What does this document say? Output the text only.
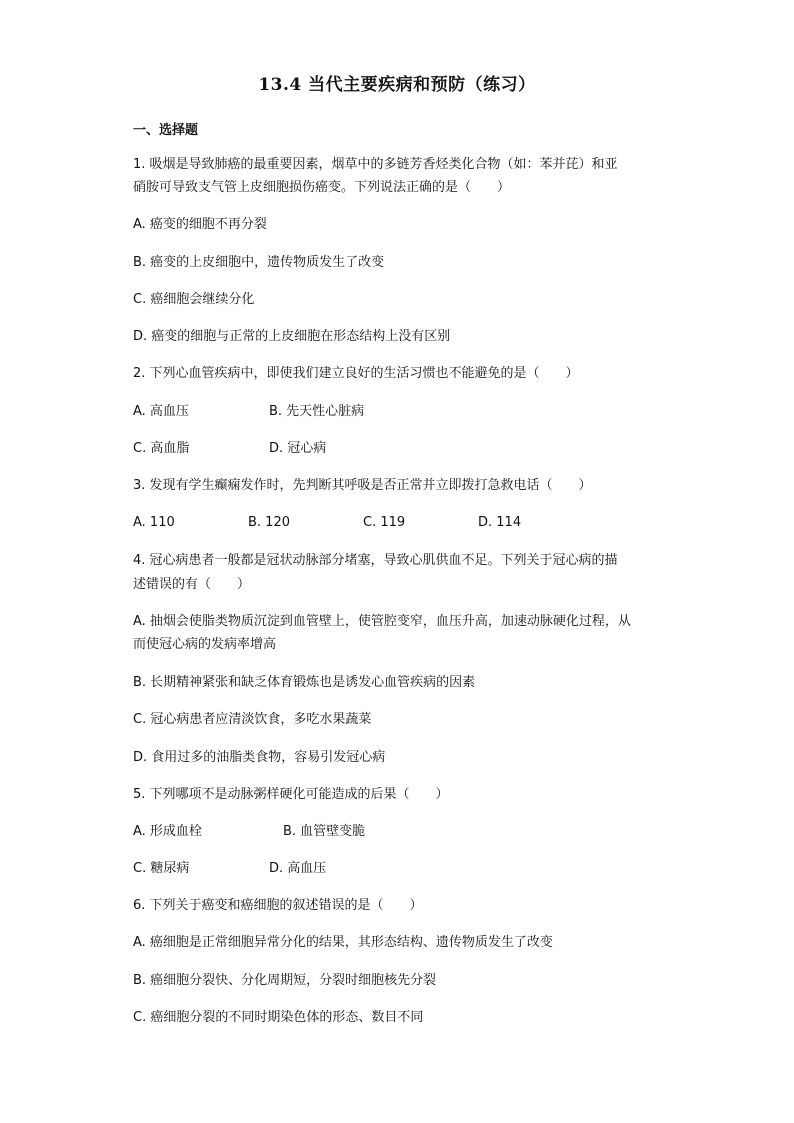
13.4 当代主要疾病和预防（练习）
一、选择题
1. 吸烟是导致肺癌的最重要因素，烟草中的多链芳香烃类化合物（如：苯并芘）和亚
硝胺可导致支气管上皮细胞损伤癌变。下列说法正确的是（　　）
A. 癌变的细胞不再分裂
B. 癌变的上皮细胞中，遗传物质发生了改变
C. 癌细胞会继续分化
D. 癌变的细胞与正常的上皮细胞在形态结构上没有区别
2. 下列心血管疾病中，即使我们建立良好的生活习惯也不能避免的是（　　）
A. 高血压	B. 先天性心脏病
C. 高血脂	D. 冠心病
3. 发现有学生癫痫发作时，先判断其呼吸是否正常并立即拨打急救电话（　　）
A. 110	B. 120	C. 119	D. 114
4. 冠心病患者一般都是冠状动脉部分堵塞，导致心肌供血不足。下列关于冠心病的描
述错误的有（　　）
A. 抽烟会使脂类物质沉淀到血管壁上，使管腔变窄，血压升高，加速动脉硬化过程，从
而使冠心病的发病率增高
B. 长期精神紧张和缺乏体育锻炼也是诱发心血管疾病的因素
C. 冠心病患者应清淡饮食，多吃水果蔬菜
D. 食用过多的油脂类食物，容易引发冠心病
5. 下列哪项不是动脉粥样硬化可能造成的后果（　　）
A. 形成血栓	B. 血管壁变脆
C. 糖尿病	D. 高血压
6. 下列关于癌变和癌细胞的叙述错误的是（　　）
A. 癌细胞是正常细胞异常分化的结果，其形态结构、遗传物质发生了改变
B. 癌细胞分裂快、分化周期短，分裂时细胞核先分裂
C. 癌细胞分裂的不同时期染色体的形态、数目不同
